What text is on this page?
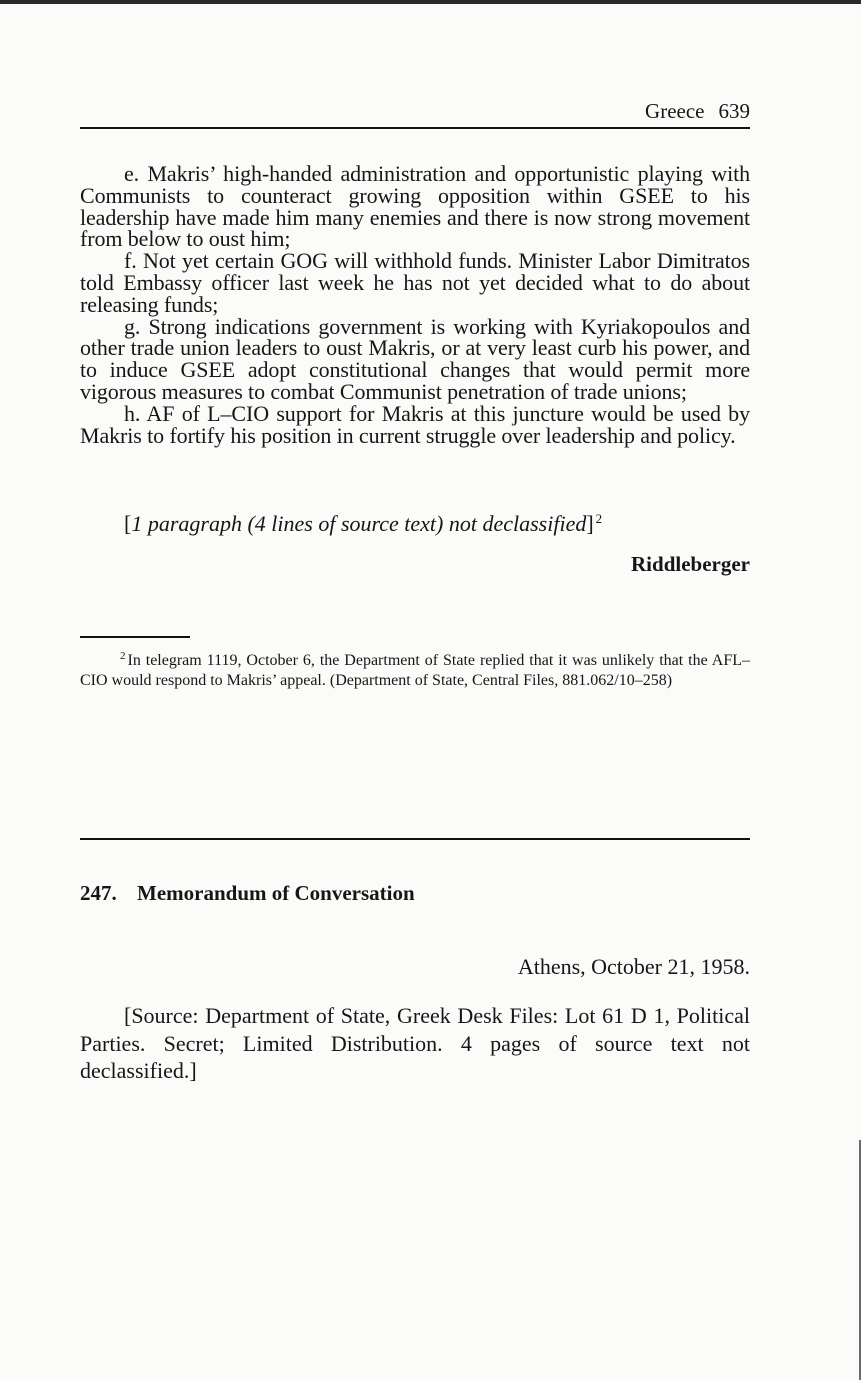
Greece 639

e. Makris’ high-handed administration and opportunistic playing with Communists to counteract growing opposition within GSEE to his leadership have made him many enemies and there is now strong movement from below to oust him;

f. Not yet certain GOG will withhold funds. Minister Labor Dimitratos told Embassy officer last week he has not yet decided what to do about releasing funds;

g. Strong indications government is working with Kyriakopoulos and other trade union leaders to oust Makris, or at very least curb his power, and to induce GSEE adopt constitutional changes that would permit more vigorous measures to combat Communist penetration of trade unions;

h. AF of L–CIO support for Makris at this juncture would be used by Makris to fortify his position in current struggle over leadership and policy.

[1 paragraph (4 lines of source text) not declassified] $^2$
Riddleberger

$^2$ In telegram 1119, October 6, the Department of State replied that it was unlikely that the AFL–CIO would respond to Makris’ appeal. (Department of State, Central Files, 881.062/10–258)

247. Memorandum of Conversation
Athens, October 21, 1958.

[Source: Department of State, Greek Desk Files: Lot 61 D 1, Political Parties. Secret; Limited Distribution. 4 pages of source text not declassified.]
